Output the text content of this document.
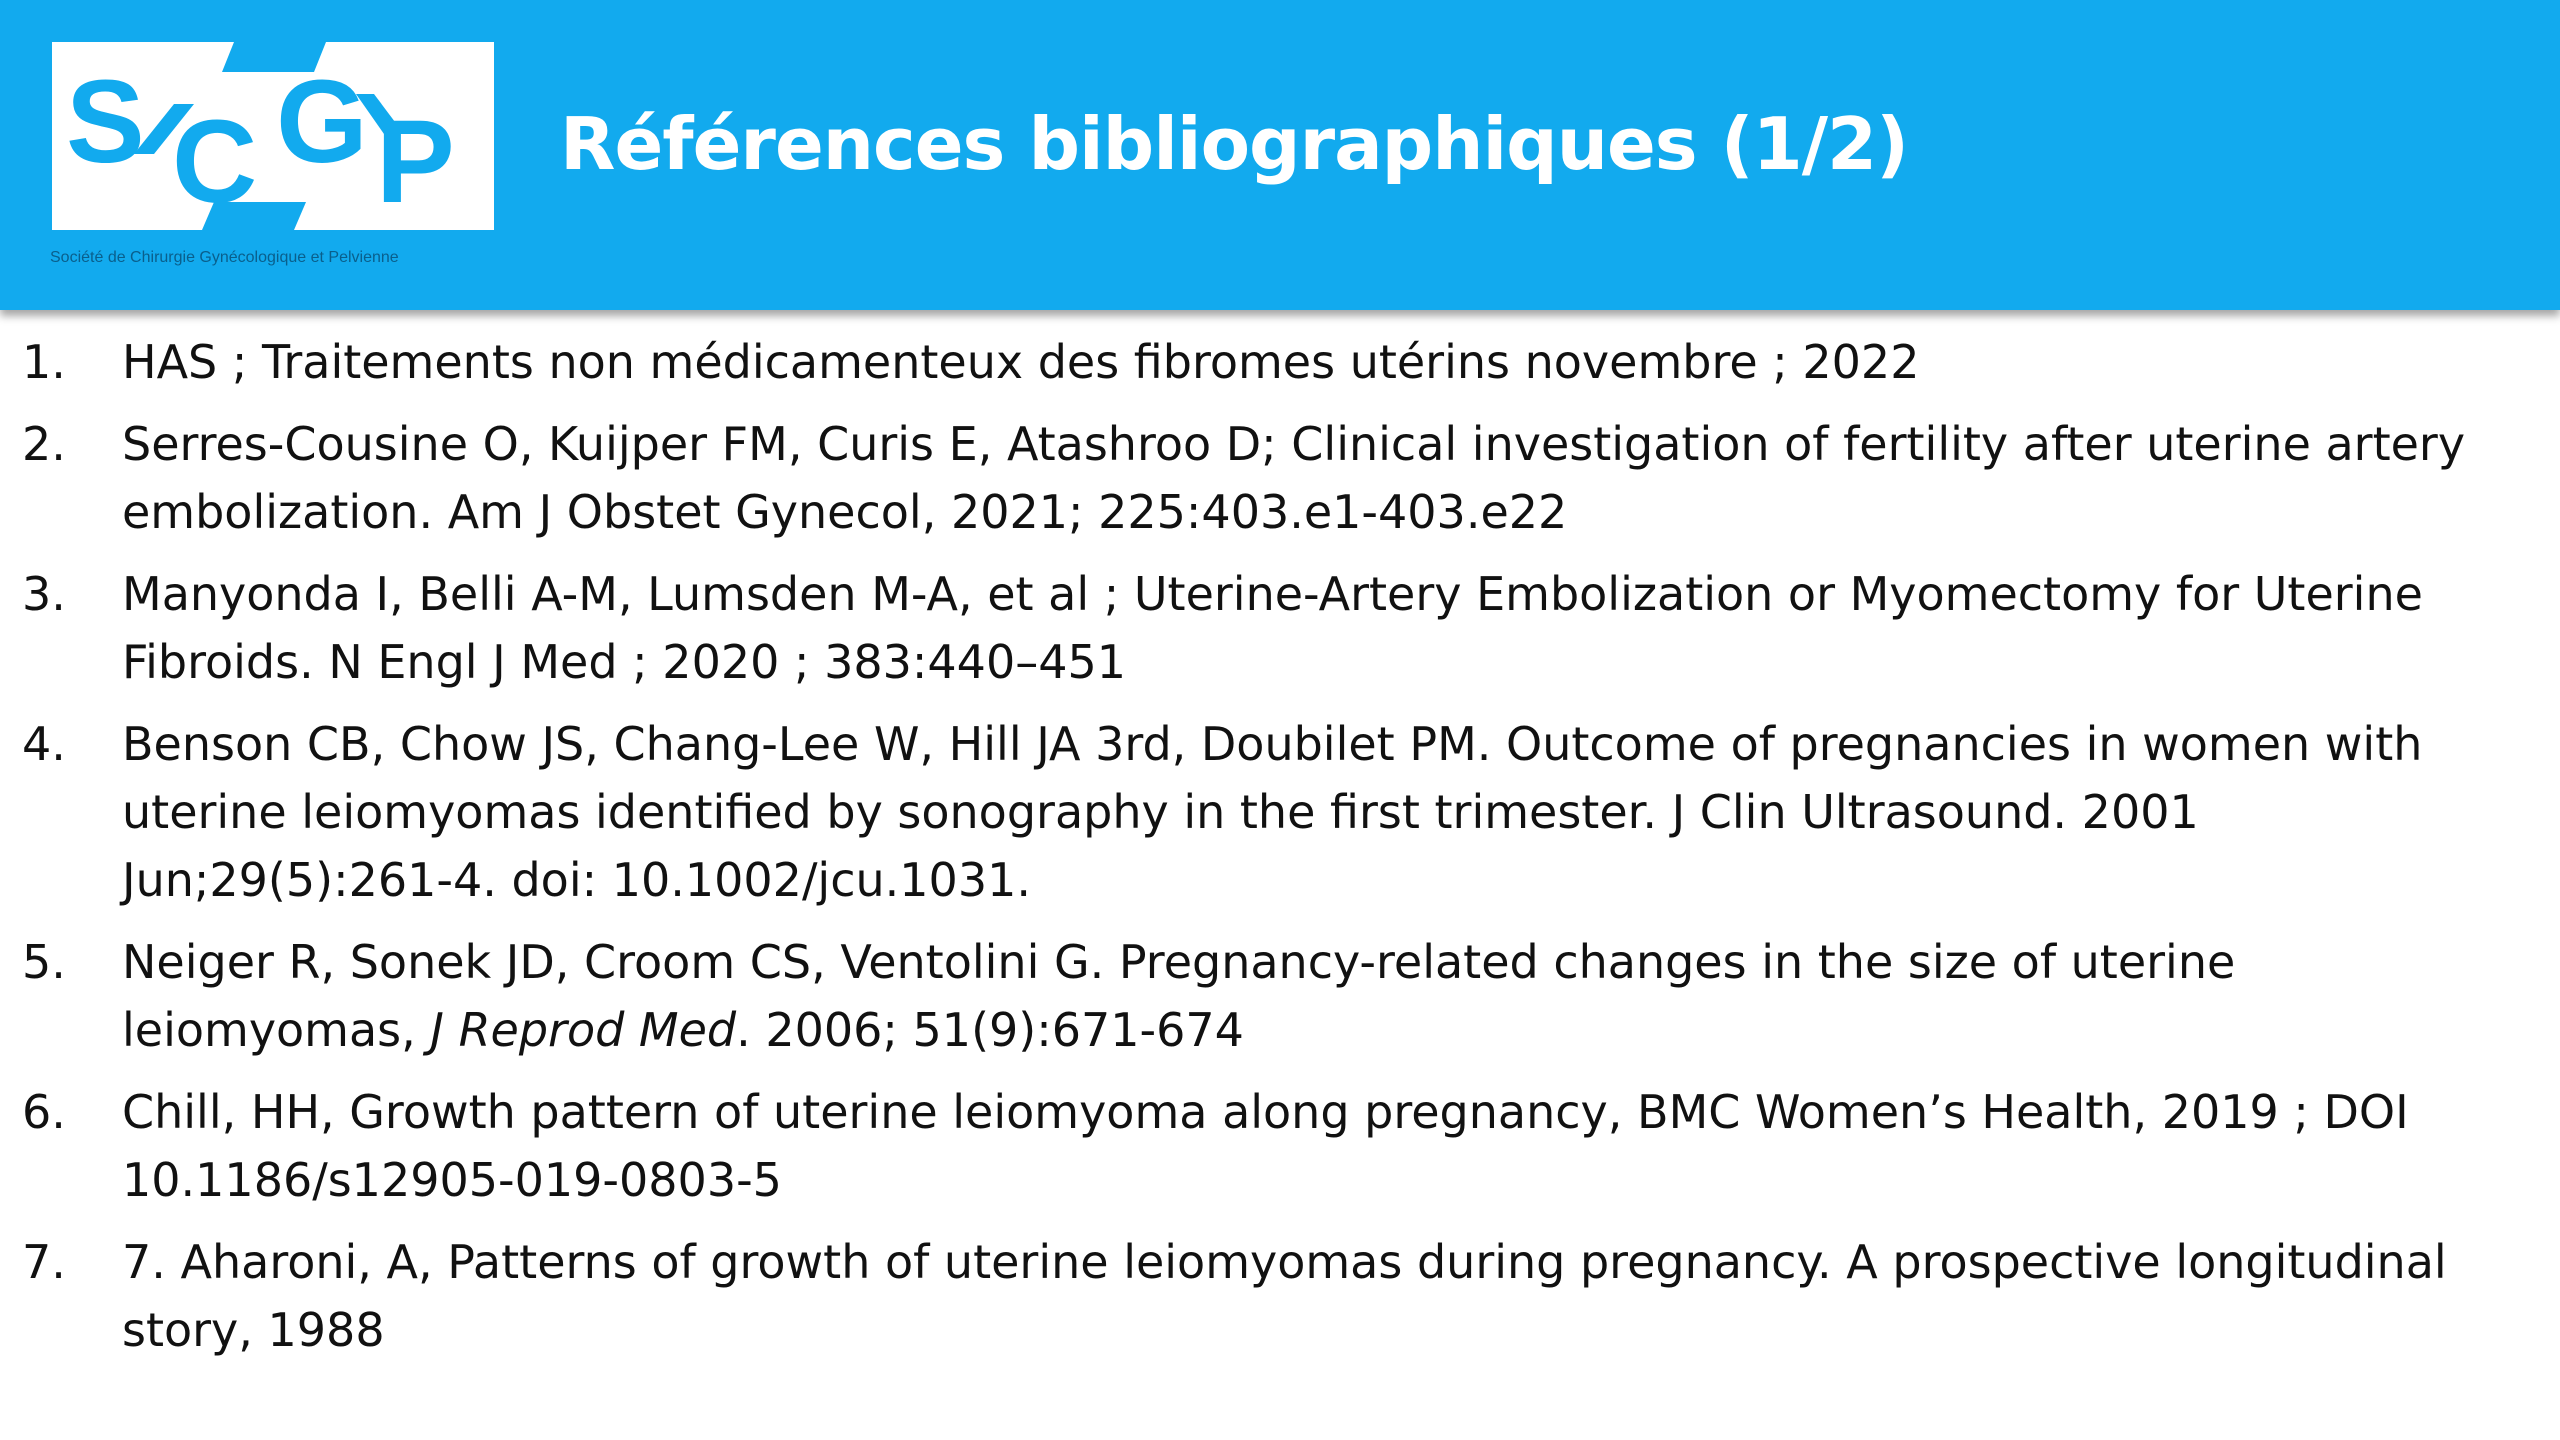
S C G P
Société de Chirurgie Gynécologique et Pelvienne
Références bibliographiques (1/2)
1.	HAS ; Traitements non médicamenteux des fibromes utérins novembre ; 2022
2.	Serres-Cousine O, Kuijper FM, Curis E, Atashroo D; Clinical investigation of fertility after uterine artery embolization. Am J Obstet Gynecol, 2021; 225:403.e1-403.e22
3.	Manyonda I, Belli A-M, Lumsden M-A, et al ; Uterine-Artery Embolization or Myomectomy for Uterine Fibroids. N Engl J Med ; 2020 ; 383:440–451
4.	Benson CB, Chow JS, Chang-Lee W, Hill JA 3rd, Doubilet PM. Outcome of pregnancies in women with uterine leiomyomas identified by sonography in the first trimester. J Clin Ultrasound. 2001 Jun;29(5):261-4. doi: 10.1002/jcu.1031.
5.	Neiger R, Sonek JD, Croom CS, Ventolini G. Pregnancy-related changes in the size of uterine leiomyomas, J Reprod Med. 2006; 51(9):671-674
6.	Chill, HH, Growth pattern of uterine leiomyoma along pregnancy, BMC Women’s Health, 2019 ; DOI 10.1186/s12905-019-0803-5
7.	7. Aharoni, A, Patterns of growth of uterine leiomyomas during pregnancy. A prospective longitudinal story, 1988
